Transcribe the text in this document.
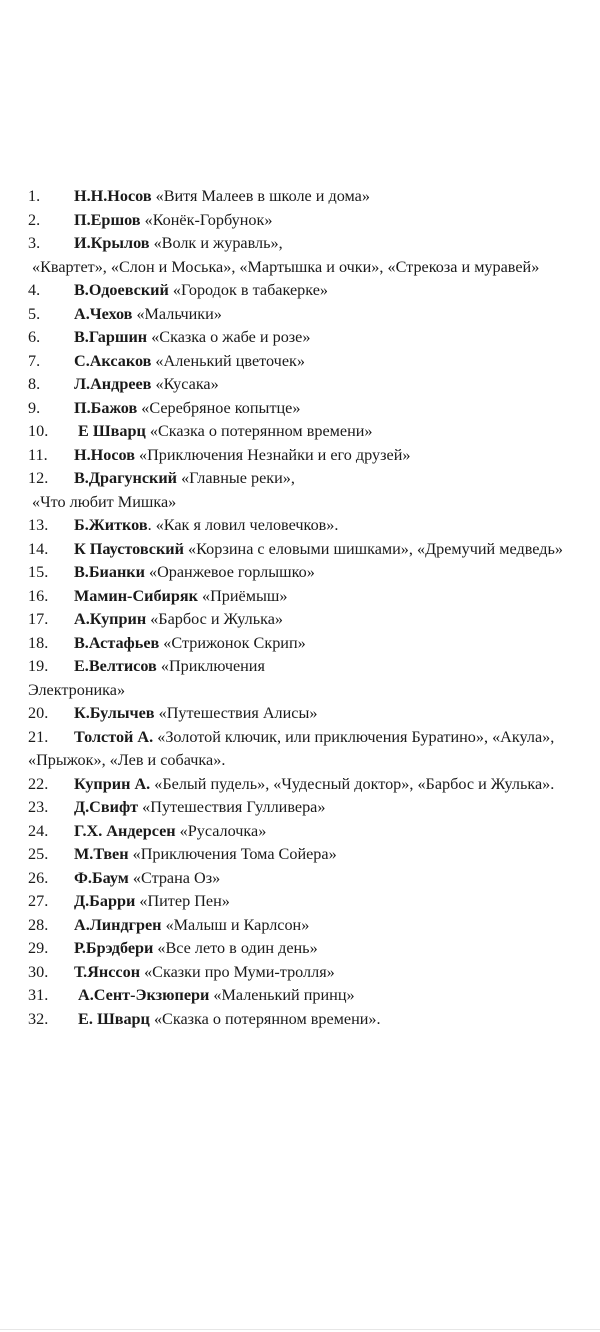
1. Н.Н.Носов «Витя Малеев в школе и дома»
2. П.Ершов «Конёк-Горбунок»
3. И.Крылов «Волк и журавль»,
«Квартет», «Слон и Моська», «Мартышка и очки», «Стрекоза и муравей»
4. В.Одоевский «Городок в табакерке»
5. А.Чехов «Мальчики»
6. В.Гаршин «Сказка о жабе и розе»
7. С.Аксаков «Аленький цветочек»
8. Л.Андреев «Кусака»
9. П.Бажов «Серебряное копытце»
10. Е Шварц «Сказка о потерянном времени»
11. Н.Носов «Приключения Незнайки и его друзей»
12. В.Драгунский «Главные реки»,
«Что любит Мишка»
13. Б.Житков. «Как я ловил человечков».
14. К Паустовский «Корзина с еловыми шишками», «Дремучий медведь»
15. В.Бианки «Оранжевое горлышко»
16. Мамин-Сибиряк «Приёмыш»
17. А.Куприн «Барбос и Жулька»
18. В.Астафьев «Стрижонок Скрип»
19. Е.Велтисов «Приключения
Электроника»
20. К.Булычев «Путешествия Алисы»
21. Толстой А. «Золотой ключик, или приключения Буратино», «Акула», «Прыжок», «Лев и собачка».
22. Куприн А. «Белый пудель», «Чудесный доктор», «Барбос и Жулька».
23. Д.Свифт «Путешествия Гулливера»
24. Г.Х. Андерсен «Русалочка»
25. М.Твен «Приключения Тома Сойера»
26. Ф.Баум «Страна Оз»
27. Д.Барри «Питер Пен»
28. А.Линдгрен «Малыш и Карлсон»
29. Р.Брэдбери «Все лето в один день»
30. Т.Янссон «Сказки про Муми-тролля»
31. А.Сент-Экзюпери «Маленький принц»
32. Е. Шварц «Сказка о потерянном времени».
